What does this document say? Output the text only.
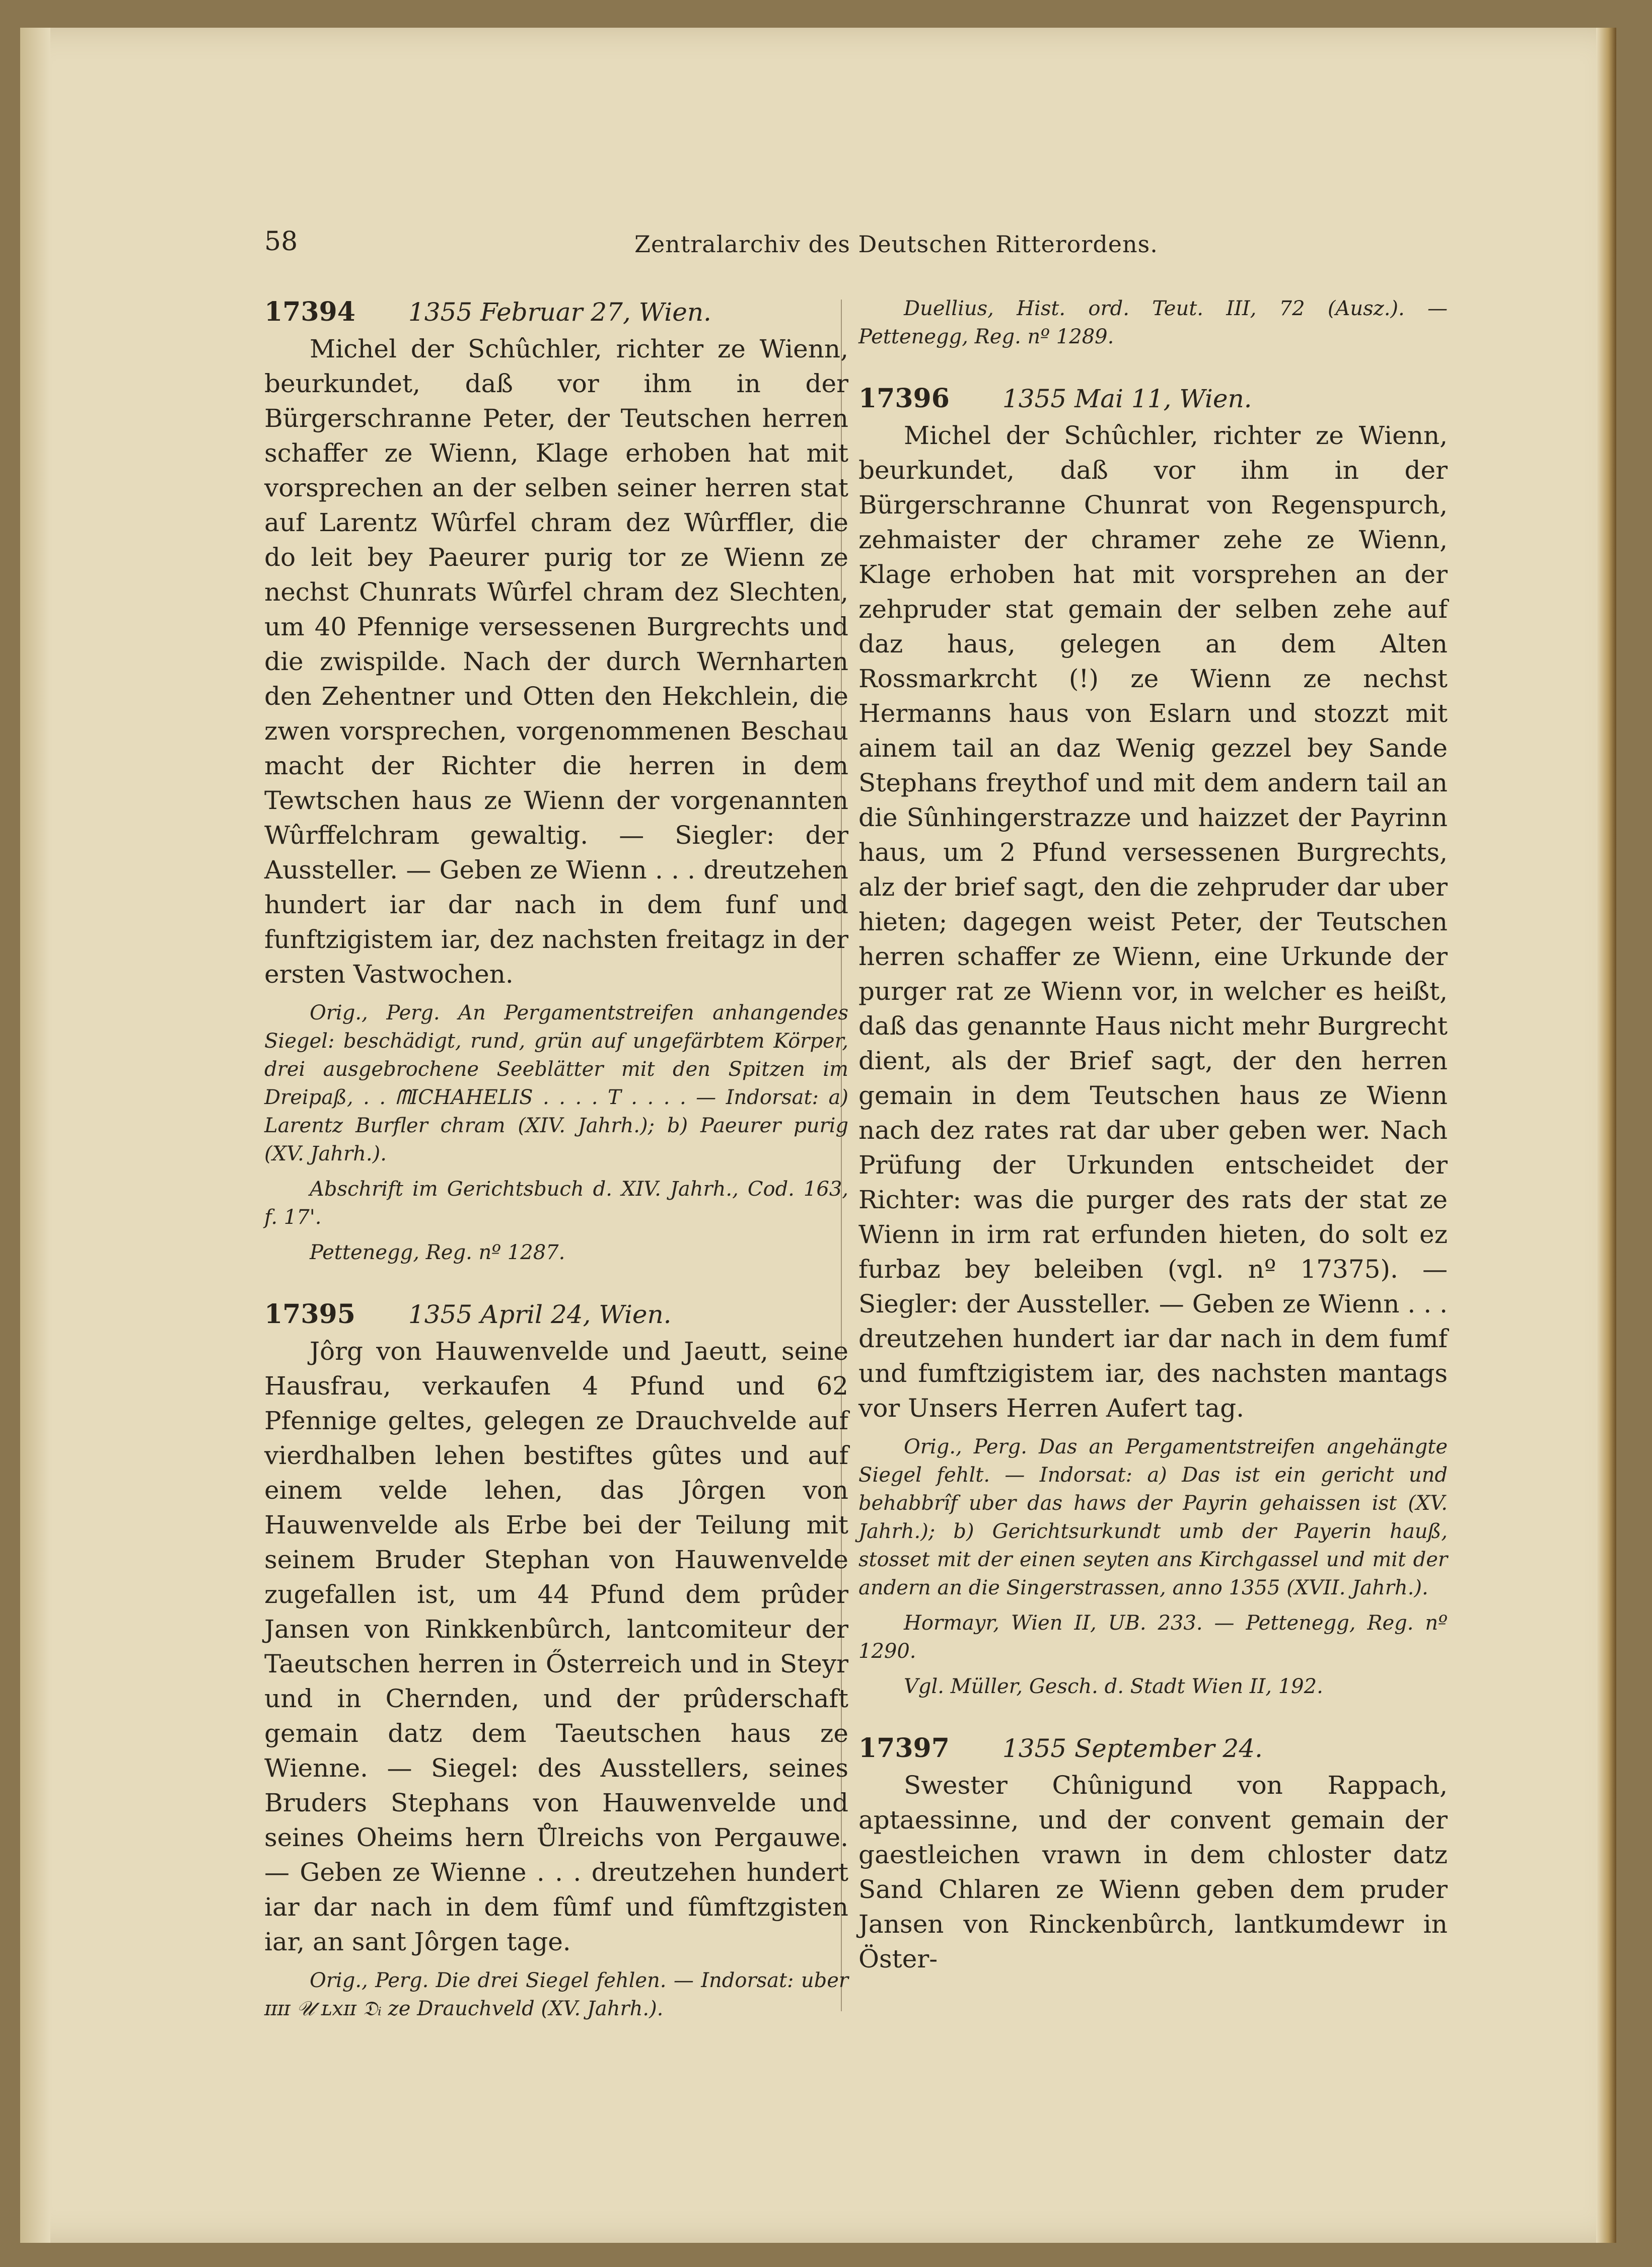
58	Zentralarchiv des Deutschen Ritterordens.
17394 1355 Februar 27, Wien.

Michel der Schûchler, richter ze Wienn, beurkundet, daß vor ihm in der Bürgerschranne Peter, der Teutschen herren schaffer ze Wienn, Klage erhoben hat mit vorsprechen an der selben seiner herren stat auf Larentz Wûrfel chram dez Wûrffler, die do leit bey Paeurer purig tor ze Wienn ze nechst Chunrats Wûrfel chram dez Slechten, um 40 Pfennige versessenen Burgrechts und die zwispilde. Nach der durch Wernharten den Zehentner und Otten den Hekchlein, die zwen vorsprechen, vorgenommenen Beschau macht der Richter die herren in dem Tewtschen haus ze Wienn der vorgenannten Wûrffelchram gewaltig. — Siegler: der Aussteller. — Geben ze Wienn . . . dreutzehen hundert iar dar nach in dem funf und funftzigistem iar, dez nachsten freitagz in der ersten Vastwochen.

Orig., Perg. An Pergamentstreifen anhangendes Siegel: beschädigt, rund, grün auf ungefärbtem Körper, drei ausgebrochene Seeblätter mit den Spitzen im Dreipaß, . . ᗰICHAHELIS . . . . T . . . . — Indorsat: a) Larentz Burfler chram (XIV. Jahrh.); b) Paeurer purig (XV. Jahrh.).

Abschrift im Gerichtsbuch d. XIV. Jahrh., Cod. 163, f. 17'.

Pettenegg, Reg. nº 1287.

17395 1355 April 24, Wien.

Jôrg von Hauwenvelde und Jaeutt, seine Hausfrau, verkaufen 4 Pfund und 62 Pfennige geltes, gelegen ze Drauchvelde auf vierdhalben lehen bestiftes gûtes und auf einem velde lehen, das Jôrgen von Hauwenvelde als Erbe bei der Teilung mit seinem Bruder Stephan von Hauwenvelde zugefallen ist, um 44 Pfund dem prûder Jansen von Rinkkenbûrch, lantcomiteur der Taeutschen herren in Ősterreich und in Steyr und in Chernden, und der prûderschaft gemain datz dem Taeutschen haus ze Wienne. — Siegel: des Ausstellers, seines Bruders Stephans von Hauwenvelde und seines Oheims hern Ůlreichs von Pergauwe. — Geben ze Wienne . . . dreutzehen hundert iar dar nach in dem fûmf und fûmftzgisten iar, an sant Jôrgen tage.

Orig., Perg. Die drei Siegel fehlen. — Indorsat: uber ɪɪɪɪ 𝒰 ʟxɪɪ 𝔇ᵢ ze Drauchveld (XV. Jahrh.).

Duellius, Hist. ord. Teut. III, 72 (Ausz.). — Pettenegg, Reg. nº 1289.

17396 1355 Mai 11, Wien.

Michel der Schûchler, richter ze Wienn, beurkundet, daß vor ihm in der Bürgerschranne Chunrat von Regenspurch, zehmaister der chramer zehe ze Wienn, Klage erhoben hat mit vorsprehen an der zehpruder stat gemain der selben zehe auf daz haus, gelegen an dem Alten Rossmarkrcht (!) ze Wienn ze nechst Hermanns haus von Eslarn und stozzt mit ainem tail an daz Wenig gezzel bey Sande Stephans freythof und mit dem andern tail an die Sûnhingerstrazze und haizzet der Payrinn haus, um 2 Pfund versessenen Burgrechts, alz der brief sagt, den die zehpruder dar uber hieten; dagegen weist Peter, der Teutschen herren schaffer ze Wienn, eine Urkunde der purger rat ze Wienn vor, in welcher es heißt, daß das genannte Haus nicht mehr Burgrecht dient, als der Brief sagt, der den herren gemain in dem Teutschen haus ze Wienn nach dez rates rat dar uber geben wer. Nach Prüfung der Urkunden entscheidet der Richter: was die purger des rats der stat ze Wienn in irm rat erfunden hieten, do solt ez furbaz bey beleiben (vgl. nº 17375). — Siegler: der Aussteller. — Geben ze Wienn . . . dreutzehen hundert iar dar nach in dem fumf und fumftzigistem iar, des nachsten mantags vor Unsers Herren Aufert tag.

Orig., Perg. Das an Pergamentstreifen angehängte Siegel fehlt. — Indorsat: a) Das ist ein gericht und behabbrîf uber das haws der Payrin gehaissen ist (XV. Jahrh.); b) Gerichtsurkundt umb der Payerin hauß, stosset mit der einen seyten ans Kirchgassel und mit der andern an die Singerstrassen, anno 1355 (XVII. Jahrh.).

Hormayr, Wien II, UB. 233. — Pettenegg, Reg. nº 1290.

Vgl. Müller, Gesch. d. Stadt Wien II, 192.

17397 1355 September 24.

Swester Chûnigund von Rappach, aptaessinne, und der convent gemain der gaestleichen vrawn in dem chloster datz Sand Chlaren ze Wienn geben dem pruder Jansen von Rinckenbûrch, lantkumdewr in Öster-
